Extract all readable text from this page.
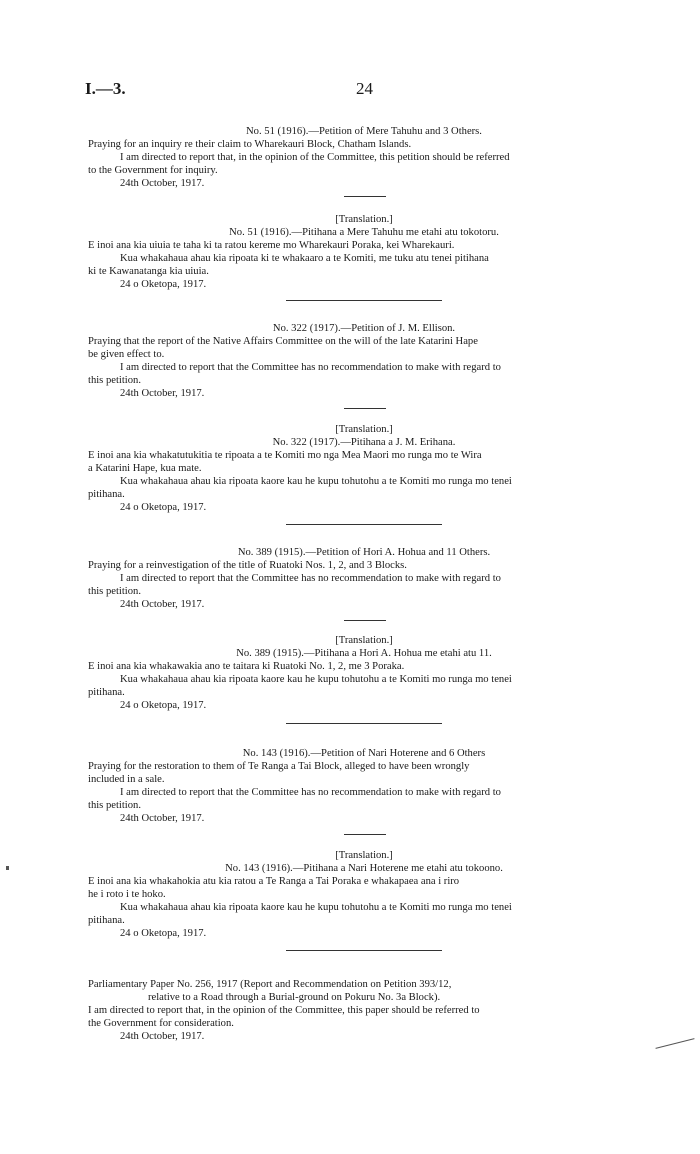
I.—3.	24
No. 51 (1916).—Petition of Mere Tahuhu and 3 Others.

Praying for an inquiry re their claim to Wharekauri Block, Chatham Islands.

I am directed to report that, in the opinion of the Committee, this petition should be referred

to the Government for inquiry.

24th October, 1917.

[Translation.]
No. 51 (1916).—Pitihana a Mere Tahuhu me etahi atu tokotoru.

E inoi ana kia uiuia te taha ki ta ratou kereme mo Wharekauri Poraka, kei Wharekauri.

Kua whakahaua ahau kia ripoata ki te whakaaro a te Komiti, me tuku atu tenei pitihana

ki te Kawanatanga kia uiuia.

24 o Oketopa, 1917.

No. 322 (1917).—Petition of J. M. Ellison.

Praying that the report of the Native Affairs Committee on the will of the late Katarini Hape

be given effect to.

I am directed to report that the Committee has no recommendation to make with regard to

this petition.

24th October, 1917.

[Translation.]
No. 322 (1917).—Pitihana a J. M. Erihana.

E inoi ana kia whakatutukitia te ripoata a te Komiti mo nga Mea Maori mo runga mo te Wira

a Katarini Hape, kua mate.

Kua whakahaua ahau kia ripoata kaore kau he kupu tohutohu a te Komiti mo runga mo tenei

pitihana.

24 o Oketopa, 1917.

No. 389 (1915).—Petition of Hori A. Hohua and 11 Others.

Praying for a reinvestigation of the title of Ruatoki Nos. 1, 2, and 3 Blocks.

I am directed to report that the Committee has no recommendation to make with regard to

this petition.

24th October, 1917.

[Translation.]
No. 389 (1915).—Pitihana a Hori A. Hohua me etahi atu 11.

E inoi ana kia whakawakia ano te taitara ki Ruatoki No. 1, 2, me 3 Poraka.

Kua whakahaua ahau kia ripoata kaore kau he kupu tohutohu a te Komiti mo runga mo tenei

pitihana.

24 o Oketopa, 1917.

No. 143 (1916).—Petition of Nari Hoterene and 6 Others

Praying for the restoration to them of Te Ranga a Tai Block, alleged to have been wrongly

included in a sale.

I am directed to report that the Committee has no recommendation to make with regard to

this petition.

24th October, 1917.

[Translation.]
No. 143 (1916).—Pitihana a Nari Hoterene me etahi atu tokoono.

E inoi ana kia whakahokia atu kia ratou a Te Ranga a Tai Poraka e whakapaea ana i riro

he i roto i te hoko.

Kua whakahaua ahau kia ripoata kaore kau he kupu tohutohu a te Komiti mo runga mo tenei

pitihana.

24 o Oketopa, 1917.

Parliamentary Paper No. 256, 1917 (Report and Recommendation on Petition 393/12,

relative to a Road through a Burial-ground on Pokuru No. 3a Block).

I am directed to report that, in the opinion of the Committee, this paper should be referred to

the Government for consideration.

24th October, 1917.
